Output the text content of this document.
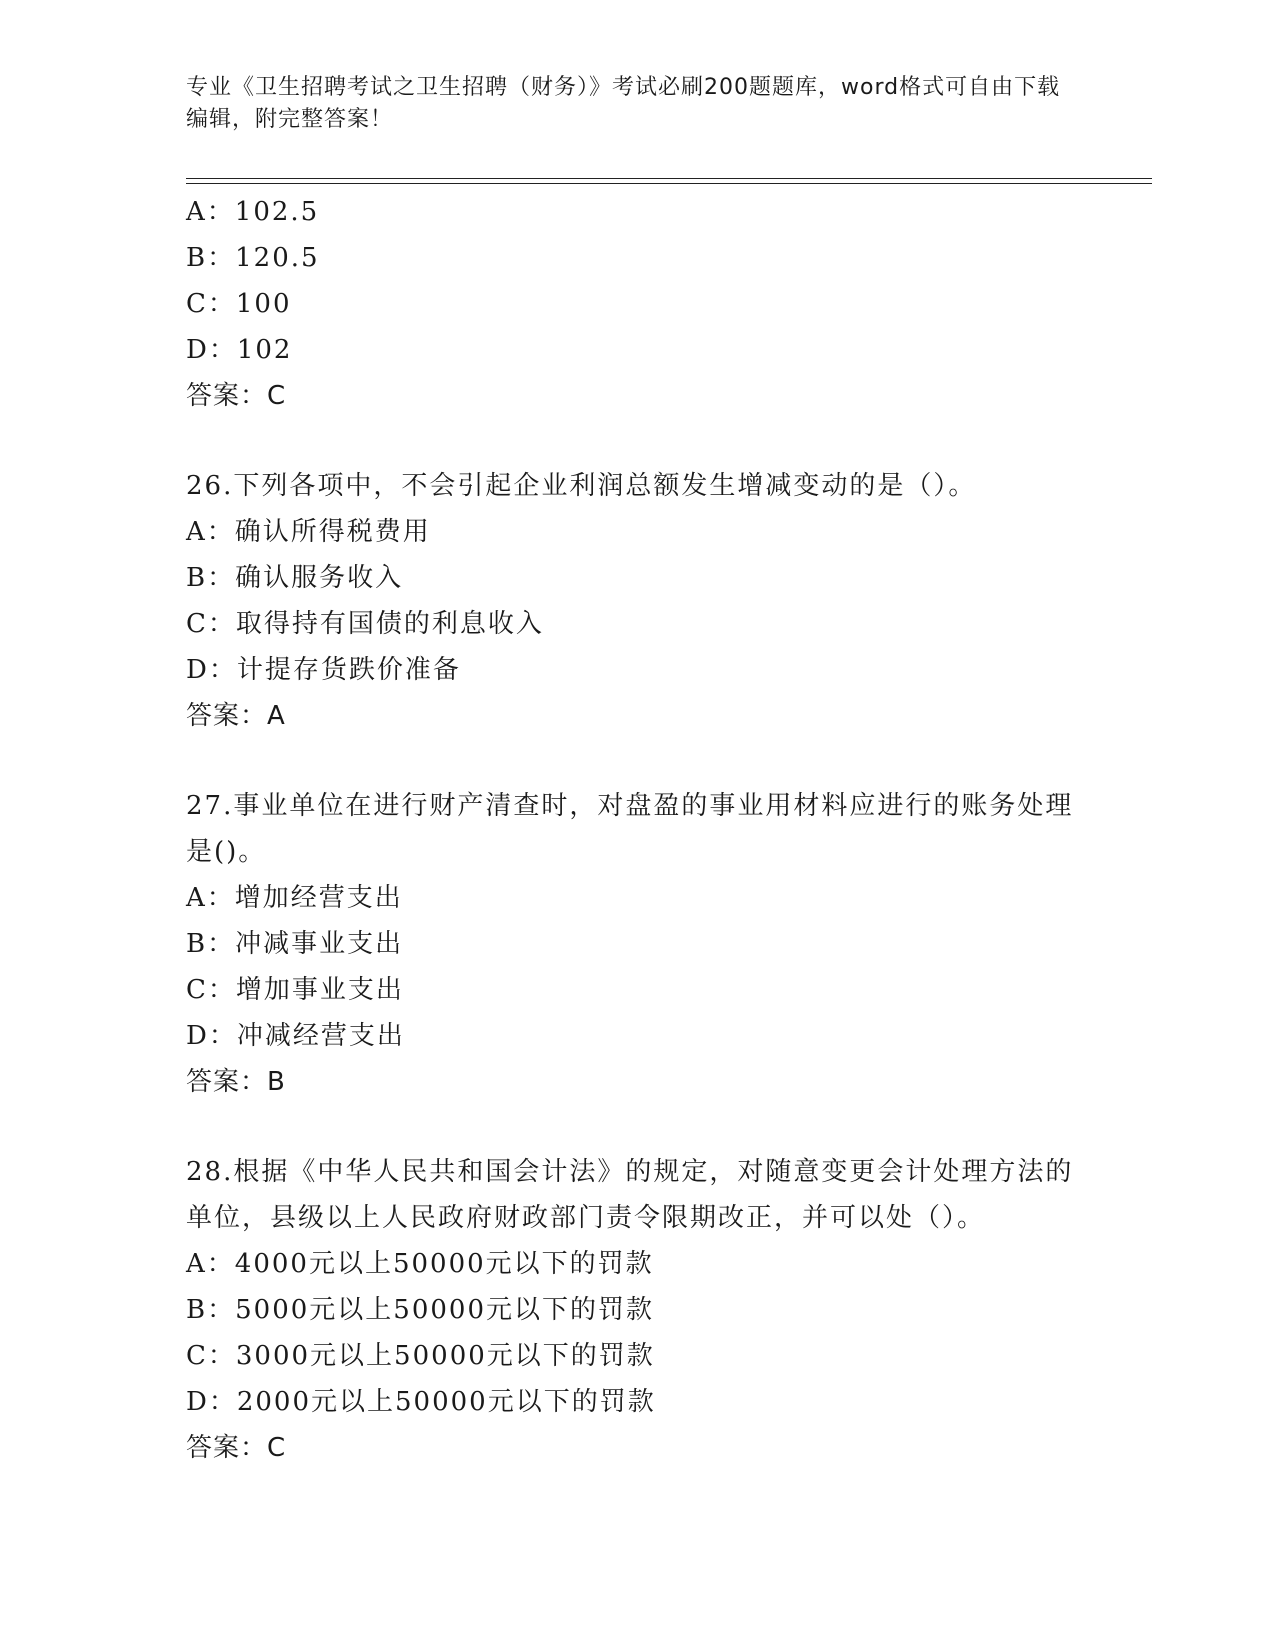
专业《卫生招聘考试之卫生招聘（财务）》考试必刷200题题库，word格式可自由下载编辑，附完整答案！
A：102.5
B：120.5
C：100
D：102
答案：C
26.下列各项中，不会引起企业利润总额发生增减变动的是（）。
A：确认所得税费用
B：确认服务收入
C：取得持有国债的利息收入
D：计提存货跌价准备
答案：A
27.事业单位在进行财产清查时，对盘盈的事业用材料应进行的账务处理是()。
A：增加经营支出
B：冲减事业支出
C：增加事业支出
D：冲减经营支出
答案：B
28.根据《中华人民共和国会计法》的规定，对随意变更会计处理方法的单位，县级以上人民政府财政部门责令限期改正，并可以处（）。
A：4000元以上50000元以下的罚款
B：5000元以上50000元以下的罚款
C：3000元以上50000元以下的罚款
D：2000元以上50000元以下的罚款
答案：C
